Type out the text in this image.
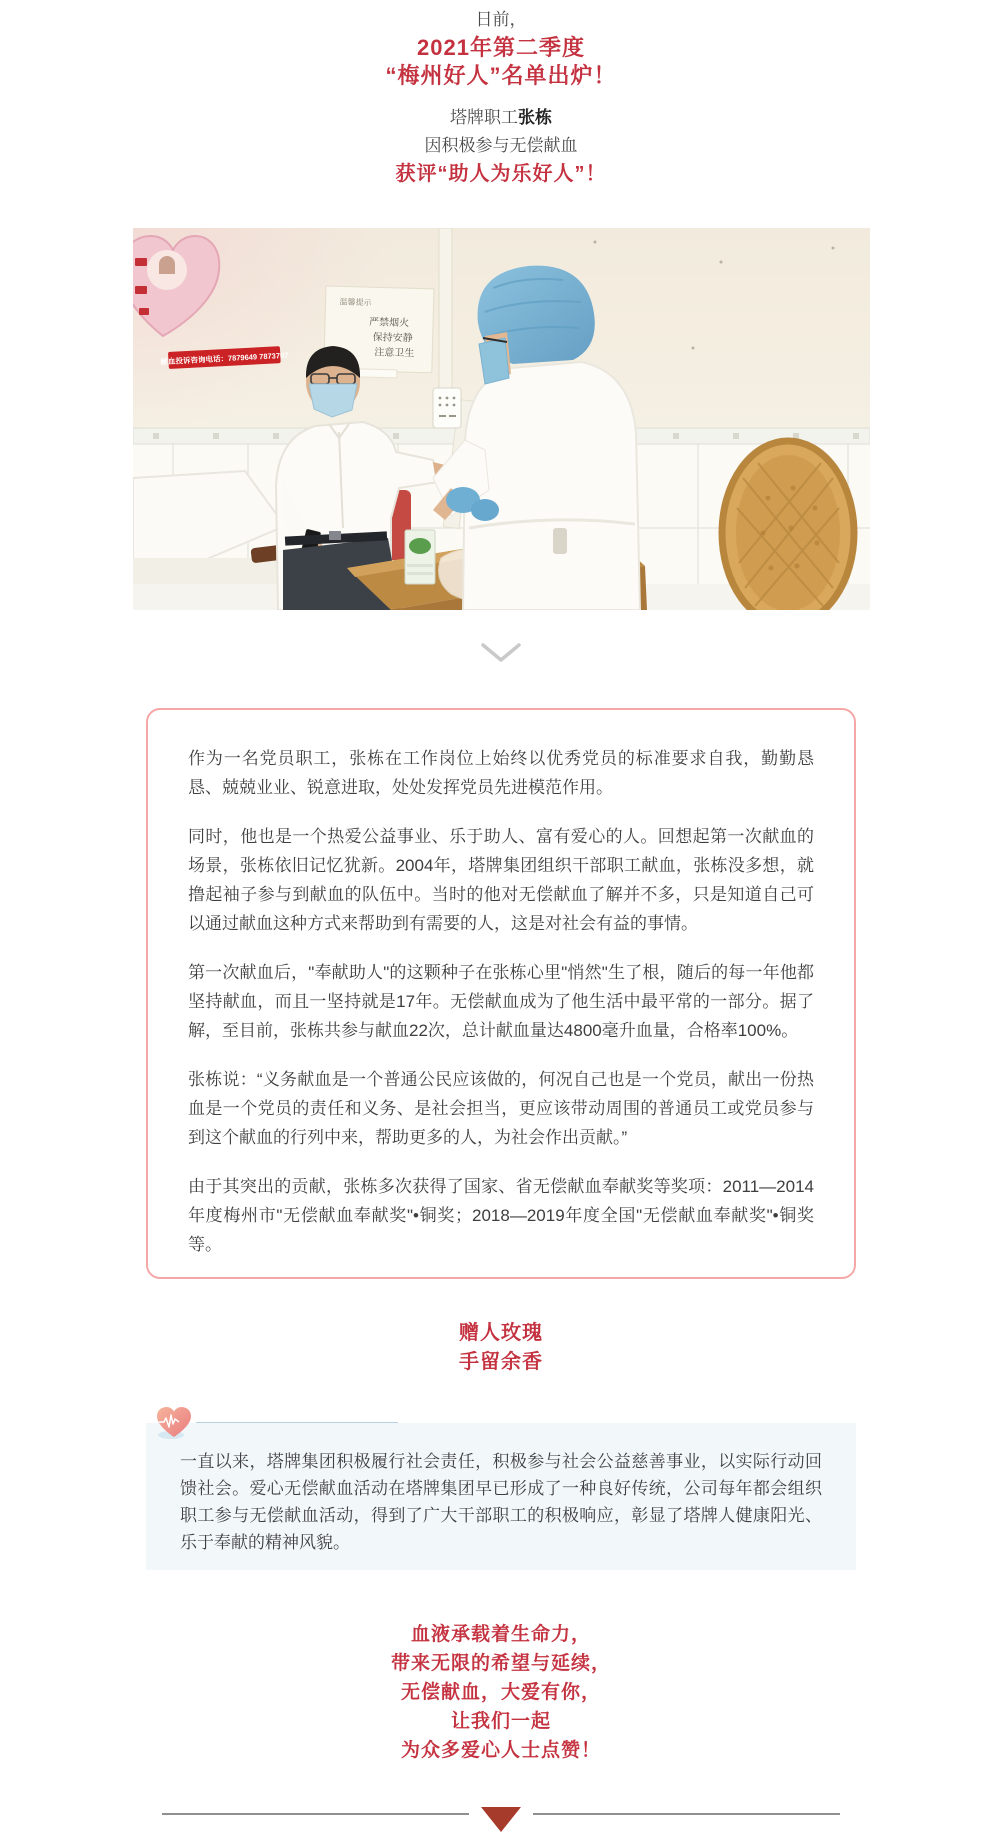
日前，

2021年第二季度

“梅州好人”名单出炉！

塔牌职工张栋

因积极参与无偿献血

获评“助人为乐好人”！

献血投诉咨询电话：7879649 7873707
温馨提示
严禁烟火
保持安静
注意卫生

作为一名党员职工，张栋在工作岗位上始终以优秀党员的标准要求自我，勤勤恳恳、兢兢业业、锐意进取，处处发挥党员先进模范作用。

同时，他也是一个热爱公益事业、乐于助人、富有爱心的人。回想起第一次献血的场景，张栋依旧记忆犹新。2004年，塔牌集团组织干部职工献血，张栋没多想，就撸起袖子参与到献血的队伍中。当时的他对无偿献血了解并不多，只是知道自己可以通过献血这种方式来帮助到有需要的人，这是对社会有益的事情。

第一次献血后，"奉献助人"的这颗种子在张栋心里"悄然"生了根，随后的每一年他都坚持献血，而且一坚持就是17年。无偿献血成为了他生活中最平常的一部分。据了解，至目前，张栋共参与献血22次，总计献血量达4800毫升血量，合格率100%。

张栋说：“义务献血是一个普通公民应该做的，何况自己也是一个党员，献出一份热血是一个党员的责任和义务、是社会担当，更应该带动周围的普通员工或党员参与到这个献血的行列中来，帮助更多的人，为社会作出贡献。”

由于其突出的贡献，张栋多次获得了国家、省无偿献血奉献奖等奖项：2011—2014年度梅州市"无偿献血奉献奖"•铜奖；2018—2019年度全国"无偿献血奉献奖"•铜奖等。

赠人玫瑰

手留余香

一直以来，塔牌集团积极履行社会责任，积极参与社会公益慈善事业，以实际行动回馈社会。爱心无偿献血活动在塔牌集团早已形成了一种良好传统，公司每年都会组织职工参与无偿献血活动，得到了广大干部职工的积极响应，彰显了塔牌人健康阳光、乐于奉献的精神风貌。

血液承载着生命力，

带来无限的希望与延续，

无偿献血，大爱有你，

让我们一起

为众多爱心人士点赞！
